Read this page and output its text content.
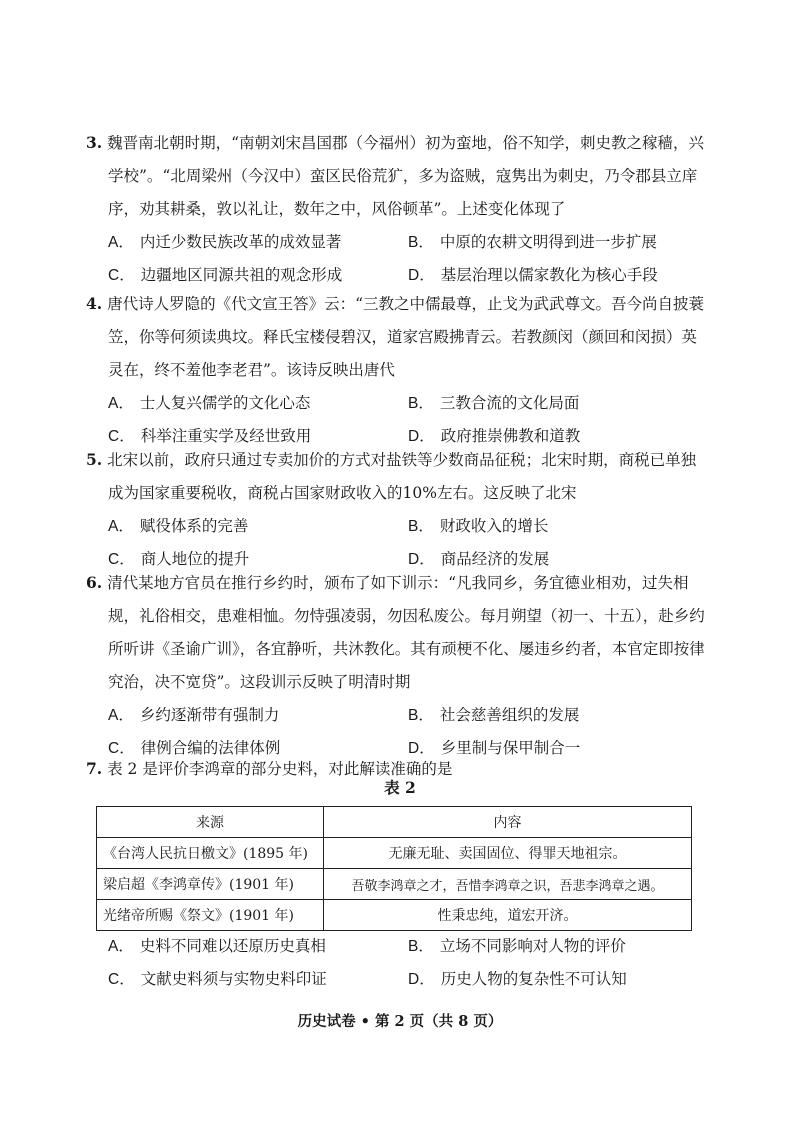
3. 魏晋南北朝时期，“南朝刘宋昌国郡（今福州）初为蛮地，俗不知学，刺史教之稼穑，兴学校”。“北周梁州（今汉中）蛮区民俗荒犷，多为盗贼，寇隽出为刺史，乃令郡县立庠序，劝其耕桑，敦以礼让，数年之中，风俗顿革”。上述变化体现了

A． 内迁少数民族改革的成效显著	B． 中原的农耕文明得到进一步扩展
C． 边疆地区同源共祖的观念形成	D． 基层治理以儒家教化为核心手段

4. 唐代诗人罗隐的《代文宣王答》云：“三教之中儒最尊，止戈为武武尊文。吾今尚自披蓑笠，你等何须读典坟。释氏宝楼侵碧汉，道家宫殿拂青云。若教颜闵（颜回和闵损）英灵在，终不羞他李老君”。该诗反映出唐代

A． 士人复兴儒学的文化心态	B． 三教合流的文化局面
C． 科举注重实学及经世致用	D． 政府推崇佛教和道教

5. 北宋以前，政府只通过专卖加价的方式对盐铁等少数商品征税；北宋时期，商税已单独成为国家重要税收，商税占国家财政收入的10%左右。这反映了北宋

A． 赋役体系的完善	B． 财政收入的增长
C． 商人地位的提升	D． 商品经济的发展

6. 清代某地方官员在推行乡约时，颁布了如下训示：“凡我同乡，务宜德业相劝，过失相规，礼俗相交，患难相恤。勿恃强凌弱，勿因私废公。每月朔望（初一、十五），赴乡约所听讲《圣谕广训》，各宜静听，共沐教化。其有顽梗不化、屡违乡约者，本官定即按律究治，决不宽贷”。这段训示反映了明清时期

A． 乡约逐渐带有强制力	B． 社会慈善组织的发展
C． 律例合编的法律体例	D． 乡里制与保甲制合一

7. 表 2 是评价李鸿章的部分史料，对此解读准确的是

表 2
来源	内容
《台湾人民抗日檄文》(1895 年)	无廉无耻、卖国固位、得罪天地祖宗。
梁启超《李鸿章传》(1901 年)	吾敬李鸿章之才，吾惜李鸿章之识，吾悲李鸿章之遇。
光绪帝所赐《祭文》(1901 年)	性秉忠纯，道宏开济。
A． 史料不同难以还原历史真相	B． 立场不同影响对人物的评价
C． 文献史料须与实物史料印证	D． 历史人物的复杂性不可认知
历史试卷 • 第 2 页（共 8 页）
